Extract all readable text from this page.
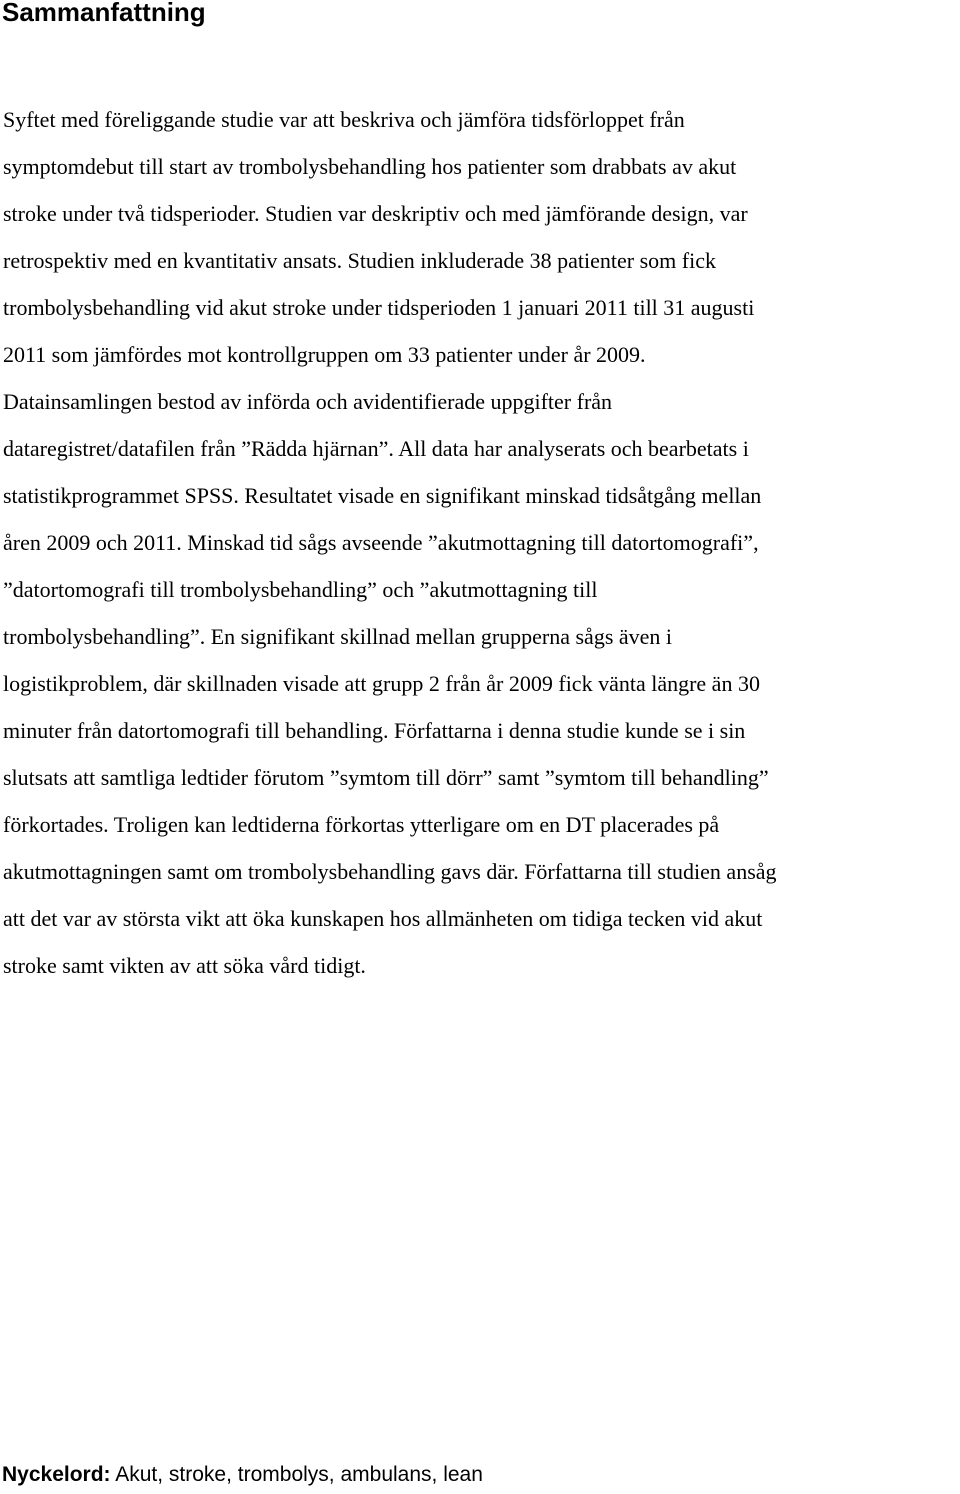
Sammanfattning
Syftet med föreliggande studie var att beskriva och jämföra tidsförloppet från
symptomdebut till start av trombolysbehandling hos patienter som drabbats av akut
stroke under två tidsperioder. Studien var deskriptiv och med jämförande design, var
retrospektiv med en kvantitativ ansats. Studien inkluderade 38 patienter som fick
trombolysbehandling vid akut stroke under tidsperioden 1 januari 2011 till 31 augusti
2011 som jämfördes mot kontrollgruppen om 33 patienter under år 2009.
Datainsamlingen bestod av införda och avidentifierade uppgifter från
dataregistret/datafilen från ”Rädda hjärnan”. All data har analyserats och bearbetats i
statistikprogrammet SPSS. Resultatet visade en signifikant minskad tidsåtgång mellan
åren 2009 och 2011. Minskad tid sågs avseende ”akutmottagning till datortomografi”,
”datortomografi till trombolysbehandling” och ”akutmottagning till
trombolysbehandling”. En signifikant skillnad mellan grupperna sågs även i
logistikproblem, där skillnaden visade att grupp 2 från år 2009 fick vänta längre än 30
minuter från datortomografi till behandling. Författarna i denna studie kunde se i sin
slutsats att samtliga ledtider förutom ”symtom till dörr” samt ”symtom till behandling”
förkortades. Troligen kan ledtiderna förkortas ytterligare om en DT placerades på
akutmottagningen samt om trombolysbehandling gavs där. Författarna till studien ansåg
att det var av största vikt att öka kunskapen hos allmänheten om tidiga tecken vid akut
stroke samt vikten av att söka vård tidigt.

Nyckelord: Akut, stroke, trombolys, ambulans, lean
